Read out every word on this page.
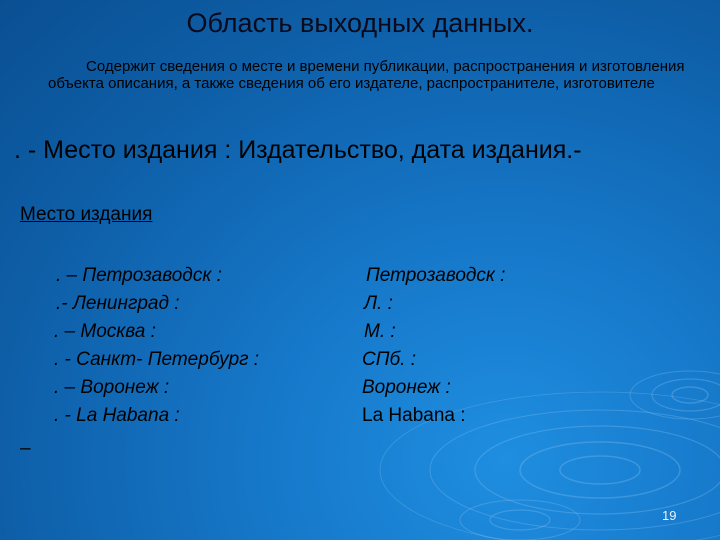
Область выходных данных.
Содержит сведения о месте и времени публикации, распространения и изготовления объекта описания, а также сведения об его издателе, распространителе, изготовителе
. - Место издания : Издательство, дата издания.-
Место издания
. – Петрозаводск :	Петрозаводск :
.- Ленинград :	Л. :
. – Москва :	М. :
. - Санкт- Петербург :	СПб. :
. – Воронеж :	Воронеж :
. - La Habana :	La Habana :
–
19
